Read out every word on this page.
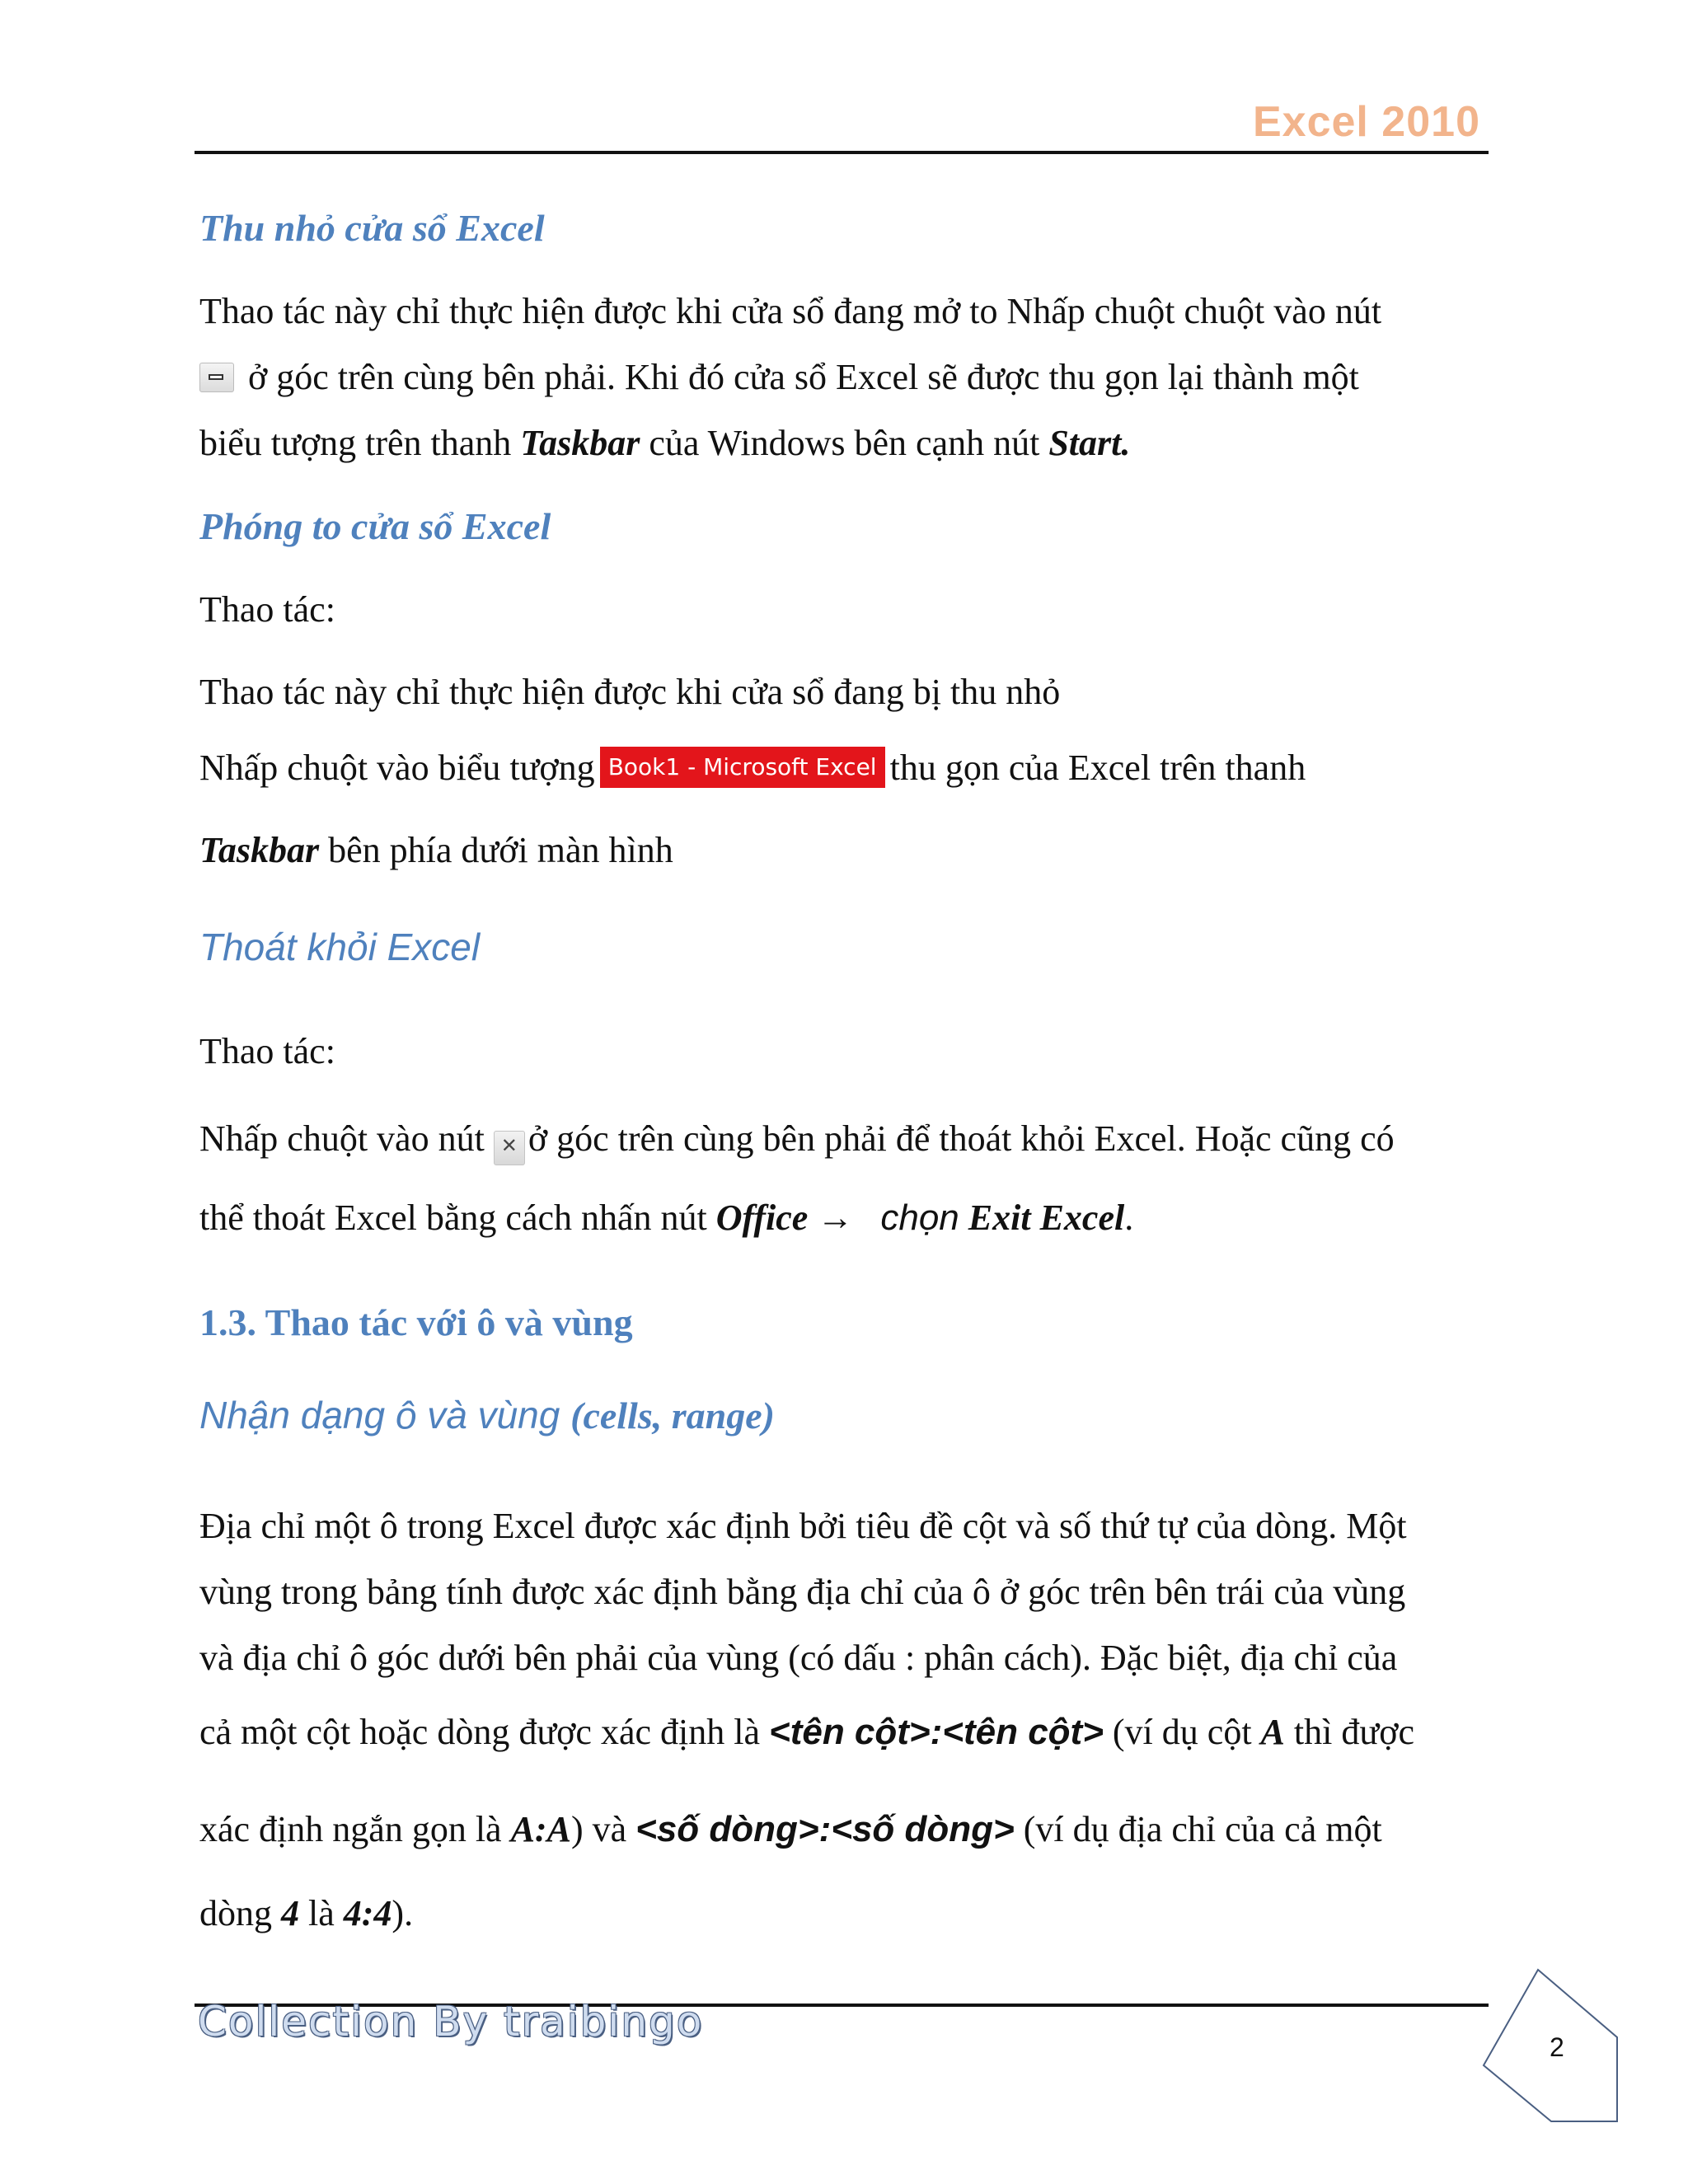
Excel 2010
Thu nhỏ cửa sổ Excel
Thao tác này chỉ thực hiện được khi cửa sổ đang mở to Nhấp chuột chuột vào nút
ở góc trên cùng bên phải. Khi đó cửa sổ Excel sẽ được thu gọn lại thành một
biểu tượng trên thanh Taskbar của Windows bên cạnh nút Start.
Phóng to cửa sổ Excel
Thao tác:
Thao tác này chỉ thực hiện được khi cửa sổ đang bị thu nhỏ
Nhấp chuột vào biểu tượng Book1 - Microsoft Excel thu gọn của Excel trên thanh
Taskbar bên phía dưới màn hình
Thoát khỏi Excel
Thao tác:
Nhấp chuột vào nút ✕ ở góc trên cùng bên phải để thoát khỏi Excel. Hoặc cũng có
thể thoát Excel bằng cách nhấn nút Office →   chọn Exit Excel.
1.3. Thao tác với ô và vùng
Nhận dạng ô và vùng (cells, range)
Địa chỉ một ô trong Excel được xác định bởi tiêu đề cột và số thứ tự của dòng. Một
vùng trong bảng tính được xác định bằng địa chỉ của ô ở góc trên bên trái của vùng
và địa chỉ ô góc dưới bên phải của vùng (có dấu : phân cách). Đặc biệt, địa chỉ của
cả một cột hoặc dòng được xác định là <tên cột>:<tên cột> (ví dụ cột A thì được
xác định ngắn gọn là A:A) và <số dòng>:<số dòng> (ví dụ địa chỉ của cả một
dòng 4 là 4:4).
Collection By traibingo
2
